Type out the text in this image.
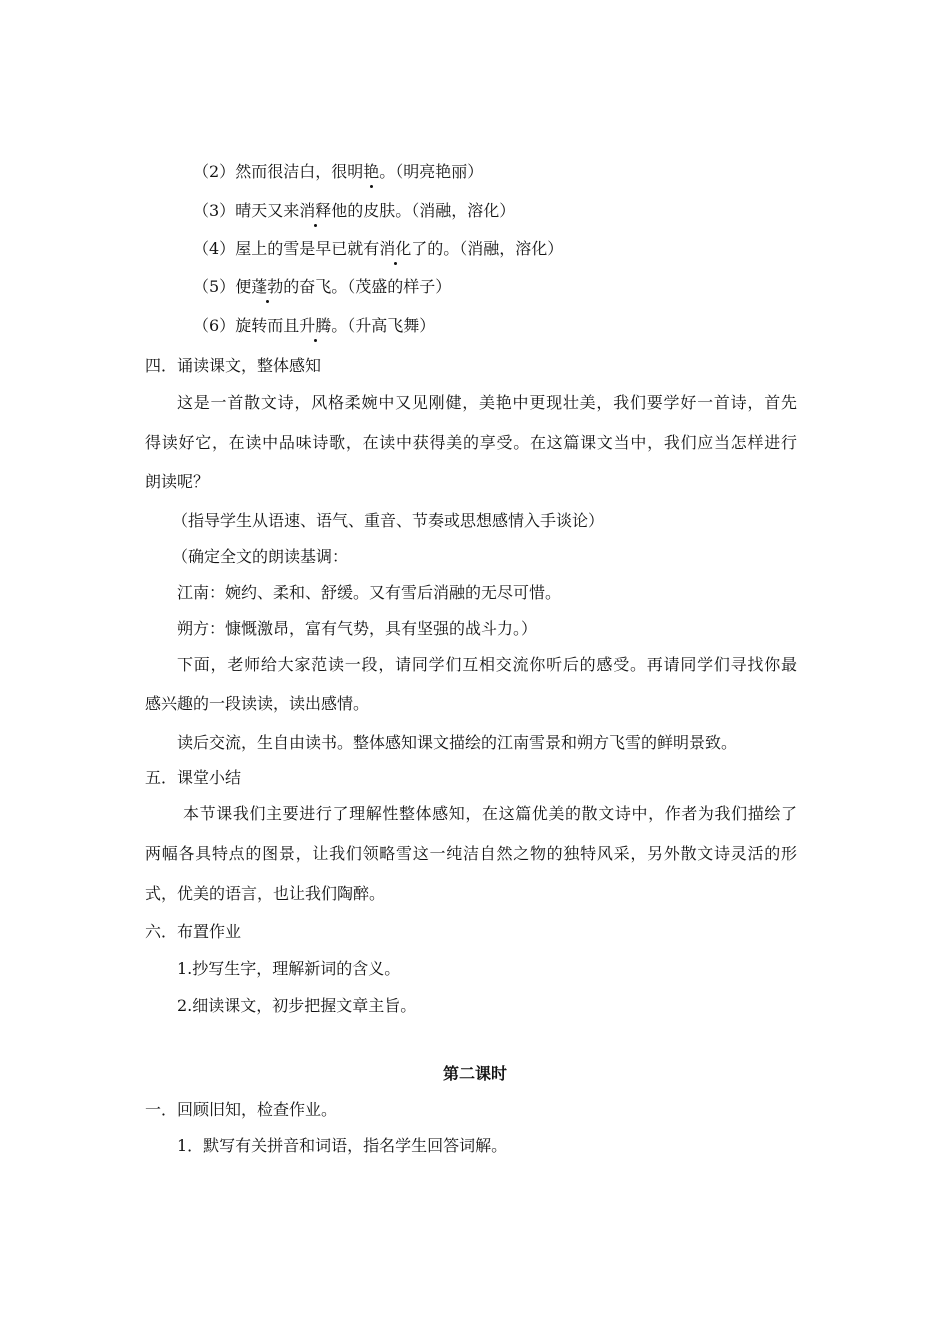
（2）然而很洁白，很明艳。（明亮艳丽）
（3）晴天又来消释他的皮肤。（消融，溶化）
（4）屋上的雪是早已就有消化了的。（消融，溶化）
（5）便蓬勃的奋飞。（茂盛的样子）
（6）旋转而且升腾。（升高飞舞）
四．诵读课文，整体感知
这是一首散文诗，风格柔婉中又见刚健，美艳中更现壮美，我们要学好一首诗，首先
得读好它，在读中品味诗歌，在读中获得美的享受。在这篇课文当中，我们应当怎样进行
朗读呢？
（指导学生从语速、语气、重音、节奏或思想感情入手谈论）
（确定全文的朗读基调：
江南：婉约、柔和、舒缓。又有雪后消融的无尽可惜。
朔方：慷慨激昂，富有气势，具有坚强的战斗力。）
下面，老师给大家范读一段，请同学们互相交流你听后的感受。再请同学们寻找你最
感兴趣的一段读读，读出感情。
读后交流，生自由读书。整体感知课文描绘的江南雪景和朔方飞雪的鲜明景致。
五．课堂小结
本节课我们主要进行了理解性整体感知，在这篇优美的散文诗中，作者为我们描绘了
两幅各具特点的图景，让我们领略雪这一纯洁自然之物的独特风采，另外散文诗灵活的形
式，优美的语言，也让我们陶醉。
六．布置作业
1.抄写生字，理解新词的含义。
2.细读课文，初步把握文章主旨。
第二课时
一．回顾旧知，检查作业。
1．默写有关拼音和词语，指名学生回答词解。
